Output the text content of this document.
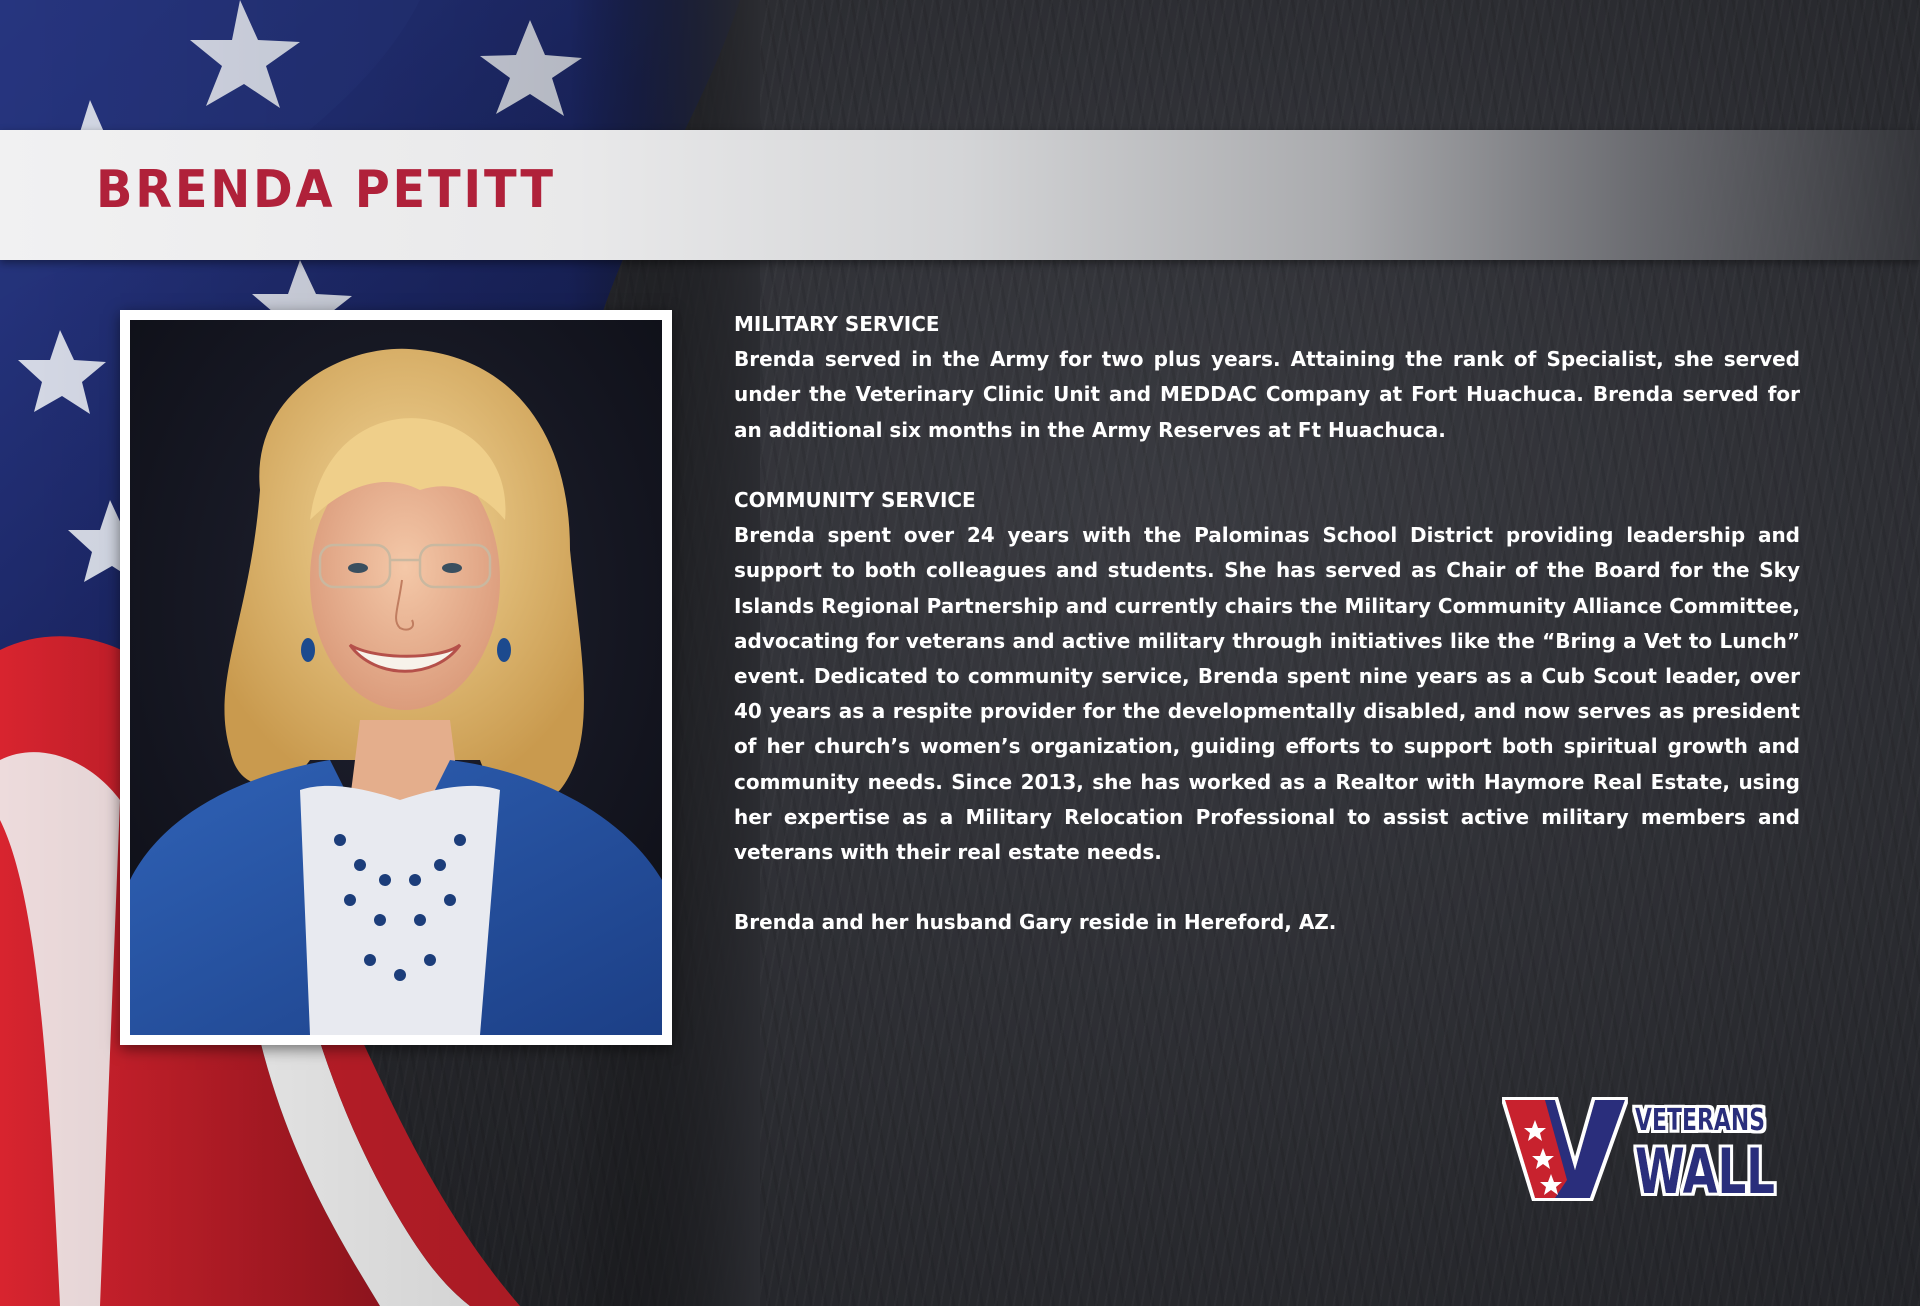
BRENDA PETITT
MILITARY SERVICE
Brenda served in the Army for two plus years. Attaining the rank of Specialist, she served under the Veterinary Clinic Unit and MEDDAC Company at Fort Huachuca. Brenda served for an additional six months in the Army Reserves at Ft Huachuca.
COMMUNITY SERVICE
Brenda spent over 24 years with the Palominas School District providing leadership and support to both colleagues and students. She has served as Chair of the Board for the Sky Islands Regional Partnership and currently chairs the Military Community Alliance Committee, advocating for veterans and active military through initiatives like the “Bring a Vet to Lunch” event. Dedicated to community service, Brenda spent nine years as a Cub Scout leader, over 40 years as a respite provider for the developmentally disabled, and now serves as president of her church’s women’s organization, guiding efforts to support both spiritual growth and community needs. Since 2013, she has worked as a Realtor with Haymore Real Estate, using her expertise as a Military Relocation Professional to assist active military members and veterans with their real estate needs.
Brenda and her husband Gary reside in Hereford, AZ.
VETERANS
WALL
